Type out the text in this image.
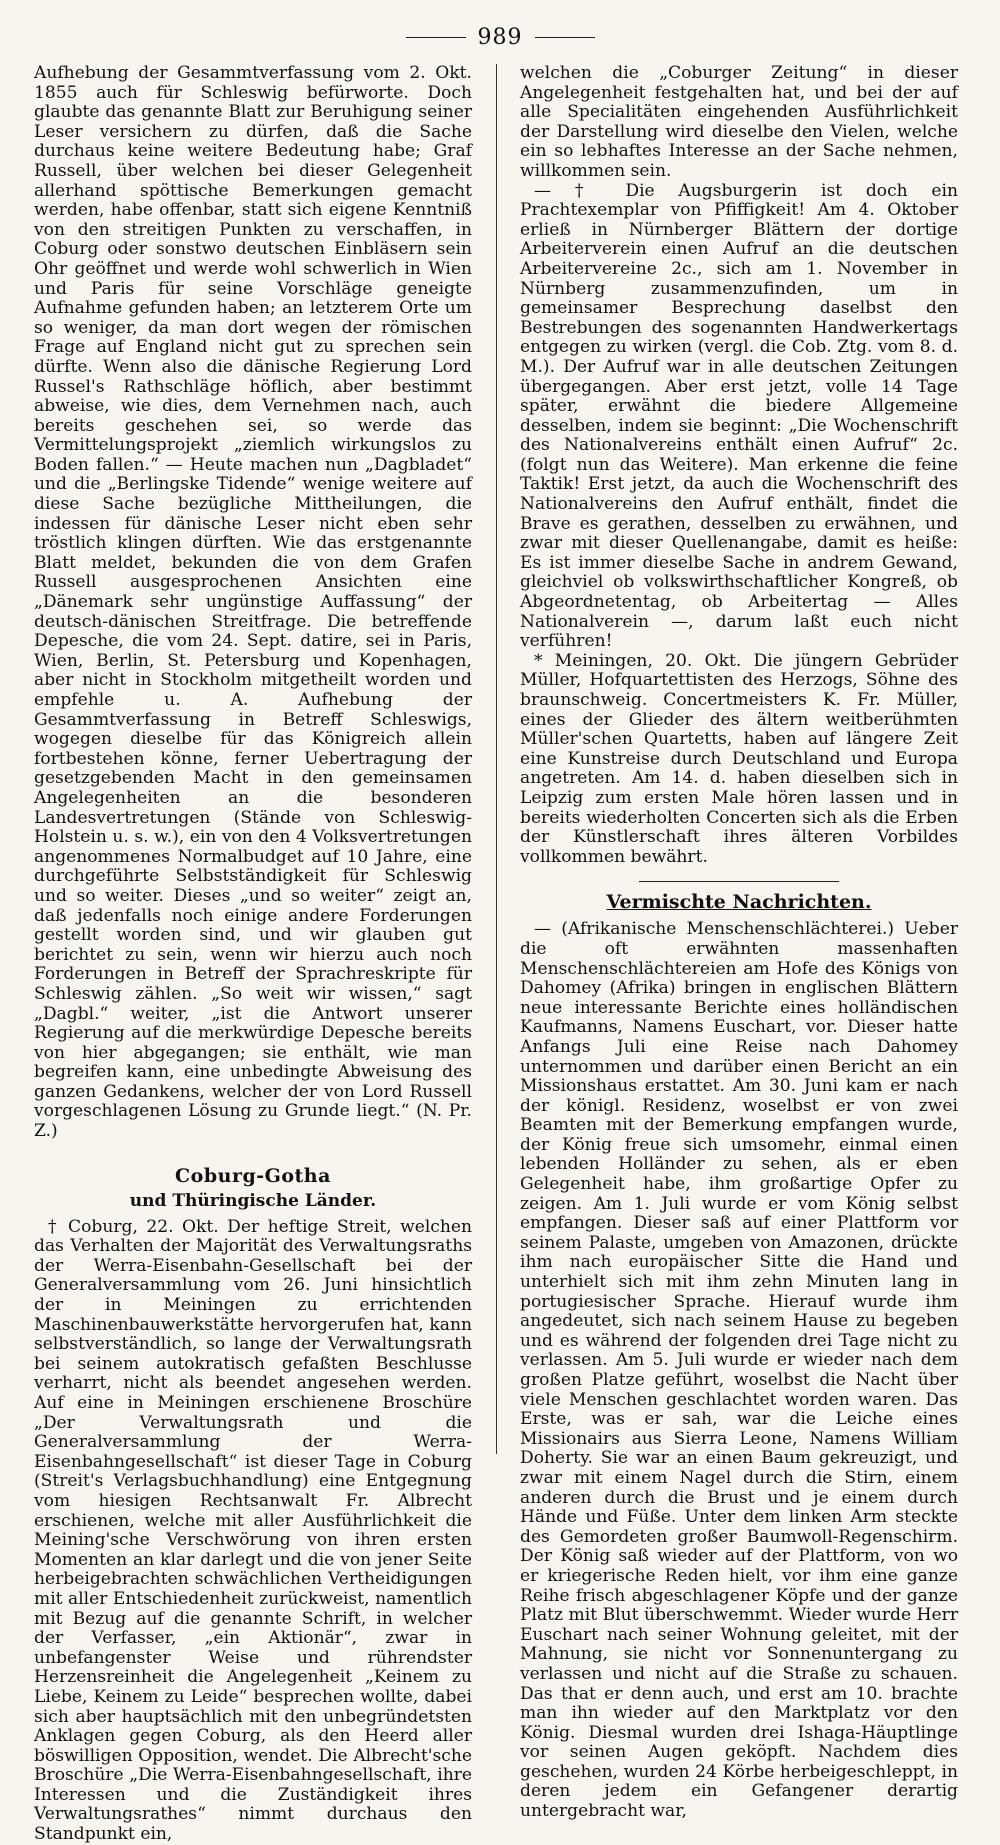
989

Aufhebung der Gesammtverfassung vom 2. Okt. 1855 auch für Schleswig befürworte. Doch glaubte das genannte Blatt zur Beruhigung seiner Leser versichern zu dürfen, daß die Sache durchaus keine weitere Bedeutung habe; Graf Russell, über welchen bei dieser Gelegenheit allerhand spöttische Bemerkungen gemacht werden, habe offenbar, statt sich eigene Kenntniß von den streitigen Punkten zu verschaffen, in Coburg oder sonstwo deutschen Einbläsern sein Ohr geöffnet und werde wohl schwerlich in Wien und Paris für seine Vorschläge geneigte Aufnahme gefunden haben; an letzterem Orte um so weniger, da man dort wegen der römischen Frage auf England nicht gut zu sprechen sein dürfte. Wenn also die dänische Regierung Lord Russel's Rathschläge höflich, aber bestimmt abweise, wie dies, dem Vernehmen nach, auch bereits geschehen sei, so werde das Vermittelungsprojekt „ziemlich wirkungslos zu Boden fallen.“ — Heute machen nun „Dagbladet“ und die „Berlingske Tidende“ wenige weitere auf diese Sache bezügliche Mittheilungen, die indessen für dänische Leser nicht eben sehr tröstlich klingen dürften. Wie das erstgenannte Blatt meldet, bekunden die von dem Grafen Russell ausgesprochenen Ansichten eine „Dänemark sehr ungünstige Auffassung“ der deutsch-dänischen Streitfrage. Die betreffende Depesche, die vom 24. Sept. datire, sei in Paris, Wien, Berlin, St. Petersburg und Kopenhagen, aber nicht in Stockholm mitgetheilt worden und empfehle u. A. Aufhebung der Gesammtverfassung in Betreff Schleswigs, wogegen dieselbe für das Königreich allein fortbestehen könne, ferner Uebertragung der gesetzgebenden Macht in den gemeinsamen Angelegenheiten an die besonderen Landesvertretungen (Stände von Schleswig-Holstein u. s. w.), ein von den 4 Volksvertretungen angenommenes Normalbudget auf 10 Jahre, eine durchgeführte Selbstständigkeit für Schleswig und so weiter. Dieses „und so weiter“ zeigt an, daß jedenfalls noch einige andere Forderungen gestellt worden sind, und wir glauben gut berichtet zu sein, wenn wir hierzu auch noch Forderungen in Betreff der Sprachreskripte für Schleswig zählen. „So weit wir wissen,“ sagt „Dagbl.“ weiter, „ist die Antwort unserer Regierung auf die merkwürdige Depesche bereits von hier abgegangen; sie enthält, wie man begreifen kann, eine unbedingte Abweisung des ganzen Gedankens, welcher der von Lord Russell vorgeschlagenen Lösung zu Grunde liegt.“ (N. Pr. Z.)

Coburg-Gotha
und Thüringische Länder.

† Coburg, 22. Okt. Der heftige Streit, welchen das Verhalten der Majorität des Verwaltungsraths der Werra-Eisenbahn-Gesellschaft bei der Generalversammlung vom 26. Juni hinsichtlich der in Meiningen zu errichtenden Maschinenbauwerkstätte hervorgerufen hat, kann selbstverständlich, so lange der Verwaltungsrath bei seinem autokratisch gefaßten Beschlusse verharrt, nicht als beendet angesehen werden. Auf eine in Meiningen erschienene Broschüre „Der Verwaltungsrath und die Generalversammlung der Werra-Eisenbahngesellschaft“ ist dieser Tage in Coburg (Streit's Verlagsbuchhandlung) eine Entgegnung vom hiesigen Rechtsanwalt Fr. Albrecht erschienen, welche mit aller Ausführlichkeit die Meining'sche Verschwörung von ihren ersten Momenten an klar darlegt und die von jener Seite herbeigebrachten schwächlichen Vertheidigungen mit aller Entschiedenheit zurückweist, namentlich mit Bezug auf die genannte Schrift, in welcher der Verfasser, „ein Aktionär“, zwar in unbefangenster Weise und rührendster Herzensreinheit die Angelegenheit „Keinem zu Liebe, Keinem zu Leide“ besprechen wollte, dabei sich aber hauptsächlich mit den unbegründetsten Anklagen gegen Coburg, als den Heerd aller böswilligen Opposition, wendet. Die Albrecht'sche Broschüre „Die Werra-Eisenbahngesellschaft, ihre Interessen und die Zuständigkeit ihres Verwaltungsrathes“ nimmt durchaus den Standpunkt ein,

welchen die „Coburger Zeitung“ in dieser Angelegenheit festgehalten hat, und bei der auf alle Specialitäten eingehenden Ausführlichkeit der Darstellung wird dieselbe den Vielen, welche ein so lebhaftes Interesse an der Sache nehmen, willkommen sein.

— † Die Augsburgerin ist doch ein Prachtexemplar von Pfiffigkeit! Am 4. Oktober erließ in Nürnberger Blättern der dortige Arbeiterverein einen Aufruf an die deutschen Arbeitervereine 2c., sich am 1. November in Nürnberg zusammenzufinden, um in gemeinsamer Besprechung daselbst den Bestrebungen des sogenannten Handwerkertags entgegen zu wirken (vergl. die Cob. Ztg. vom 8. d. M.). Der Aufruf war in alle deutschen Zeitungen übergegangen. Aber erst jetzt, volle 14 Tage später, erwähnt die biedere Allgemeine desselben, indem sie beginnt: „Die Wochenschrift des Nationalvereins enthält einen Aufruf“ 2c. (folgt nun das Weitere). Man erkenne die feine Taktik! Erst jetzt, da auch die Wochenschrift des Nationalvereins den Aufruf enthält, findet die Brave es gerathen, desselben zu erwähnen, und zwar mit dieser Quellenangabe, damit es heiße: Es ist immer dieselbe Sache in andrem Gewand, gleichviel ob volkswirthschaftlicher Kongreß, ob Abgeordnetentag, ob Arbeitertag — Alles Nationalverein —, darum laßt euch nicht verführen!

* Meiningen, 20. Okt. Die jüngern Gebrüder Müller, Hofquartettisten des Herzogs, Söhne des braunschweig. Concertmeisters K. Fr. Müller, eines der Glieder des ältern weitberühmten Müller'schen Quartetts, haben auf längere Zeit eine Kunstreise durch Deutschland und Europa angetreten. Am 14. d. haben dieselben sich in Leipzig zum ersten Male hören lassen und in bereits wiederholten Concerten sich als die Erben der Künstlerschaft ihres älteren Vorbildes vollkommen bewährt.

Vermischte Nachrichten.

— (Afrikanische Menschenschlächterei.) Ueber die oft erwähnten massenhaften Menschenschlächtereien am Hofe des Königs von Dahomey (Afrika) bringen in englischen Blättern neue interessante Berichte eines holländischen Kaufmanns, Namens Euschart, vor. Dieser hatte Anfangs Juli eine Reise nach Dahomey unternommen und darüber einen Bericht an ein Missionshaus erstattet. Am 30. Juni kam er nach der königl. Residenz, woselbst er von zwei Beamten mit der Bemerkung empfangen wurde, der König freue sich umsomehr, einmal einen lebenden Holländer zu sehen, als er eben Gelegenheit habe, ihm großartige Opfer zu zeigen. Am 1. Juli wurde er vom König selbst empfangen. Dieser saß auf einer Plattform vor seinem Palaste, umgeben von Amazonen, drückte ihm nach europäischer Sitte die Hand und unterhielt sich mit ihm zehn Minuten lang in portugiesischer Sprache. Hierauf wurde ihm angedeutet, sich nach seinem Hause zu begeben und es während der folgenden drei Tage nicht zu verlassen. Am 5. Juli wurde er wieder nach dem großen Platze geführt, woselbst die Nacht über viele Menschen geschlachtet worden waren. Das Erste, was er sah, war die Leiche eines Missionairs aus Sierra Leone, Namens William Doherty. Sie war an einen Baum gekreuzigt, und zwar mit einem Nagel durch die Stirn, einem anderen durch die Brust und je einem durch Hände und Füße. Unter dem linken Arm steckte des Gemordeten großer Baumwoll-Regenschirm. Der König saß wieder auf der Plattform, von wo er kriegerische Reden hielt, vor ihm eine ganze Reihe frisch abgeschlagener Köpfe und der ganze Platz mit Blut überschwemmt. Wieder wurde Herr Euschart nach seiner Wohnung geleitet, mit der Mahnung, sie nicht vor Sonnenuntergang zu verlassen und nicht auf die Straße zu schauen. Das that er denn auch, und erst am 10. brachte man ihn wieder auf den Marktplatz vor den König. Diesmal wurden drei Ishaga-Häuptlinge vor seinen Augen geköpft. Nachdem dies geschehen, wurden 24 Körbe herbeigeschleppt, in deren jedem ein Gefangener derartig untergebracht war,
